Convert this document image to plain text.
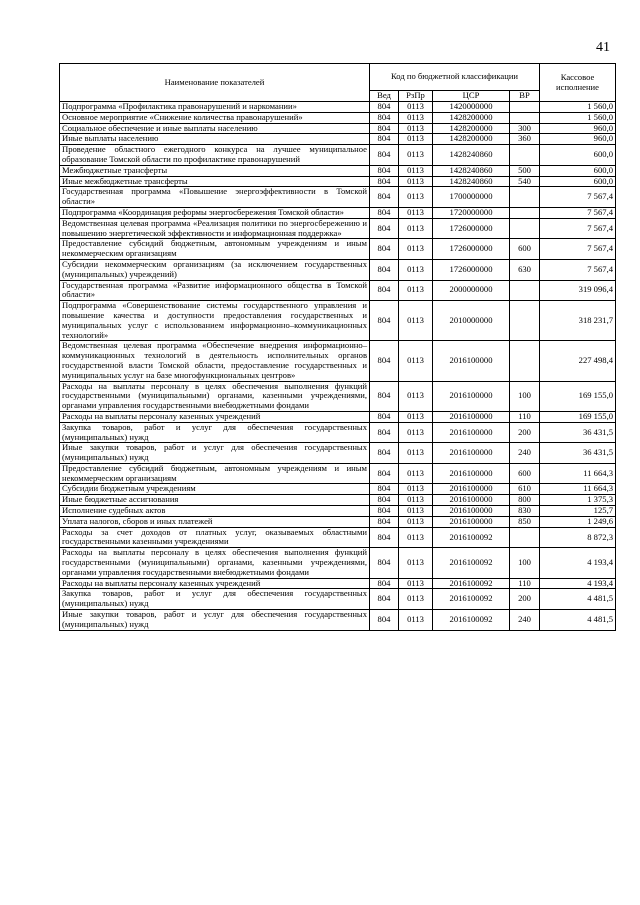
41
Наименование показателей	Код по бюджетной классификации				Кассовое исполнение
	Вед	РзПр	ЦСР	ВР	
Подпрограмма «Профилактика правонарушений и наркомании»	804	0113	1420000000		1 560,0
Основное мероприятие «Снижение количества правонарушений»	804	0113	1428200000		1 560,0
Социальное обеспечение и иные выплаты населению	804	0113	1428200000	300	960,0
Иные выплаты населению	804	0113	1428200000	360	960,0
Проведение областного ежегодного конкурса на лучшее муниципальное образование Томской области по профилактике правонарушений	804	0113	1428240860		600,0
Межбюджетные трансферты	804	0113	1428240860	500	600,0
Иные межбюджетные трансферты	804	0113	1428240860	540	600,0
Государственная программа «Повышение энергоэффективности в Томской области»	804	0113	1700000000		7 567,4
Подпрограмма «Координация реформы энергосбережения Томской области»	804	0113	1720000000		7 567,4
Ведомственная целевая программа «Реализация политики по энергосбережению и повышению энергетической эффективности и информационная поддержка»	804	0113	1726000000		7 567,4
Предоставление субсидий бюджетным, автономным учреждениям и иным некоммерческим организациям	804	0113	1726000000	600	7 567,4
Субсидии некоммерческим организациям (за исключением государственных (муниципальных) учреждений)	804	0113	1726000000	630	7 567,4
Государственная программа «Развитие информационного общества в Томской области»	804	0113	2000000000		319 096,4
Подпрограмма «Совершенствование системы государственного управления и повышение качества и доступности предоставления государственных и муниципальных услуг с использованием информационно–коммуникационных технологий»	804	0113	2010000000		318 231,7
Ведомственная целевая программа «Обеспечение внедрения информационно–коммуникационных технологий в деятельность исполнительных органов государственной власти Томской области, предоставление государственных и муниципальных услуг на базе многофункциональных центров»	804	0113	2016100000		227 498,4
Расходы на выплаты персоналу в целях обеспечения выполнения функций государственными (муниципальными) органами, казенными учреждениями, органами управления государственными внебюджетными фондами	804	0113	2016100000	100	169 155,0
Расходы на выплаты персоналу казенных учреждений	804	0113	2016100000	110	169 155,0
Закупка товаров, работ и услуг для обеспечения государственных (муниципальных) нужд	804	0113	2016100000	200	36 431,5
Иные закупки товаров, работ и услуг для обеспечения государственных (муниципальных) нужд	804	0113	2016100000	240	36 431,5
Предоставление субсидий бюджетным, автономным учреждениям и иным некоммерческим организациям	804	0113	2016100000	600	11 664,3
Субсидии бюджетным учреждениям	804	0113	2016100000	610	11 664,3
Иные бюджетные ассигнования	804	0113	2016100000	800	1 375,3
Исполнение судебных актов	804	0113	2016100000	830	125,7
Уплата налогов, сборов и иных платежей	804	0113	2016100000	850	1 249,6
Расходы за счет доходов от платных услуг, оказываемых областными государственными казенными учреждениями	804	0113	2016100092		8 872,3
Расходы на выплаты персоналу в целях обеспечения выполнения функций государственными (муниципальными) органами, казенными учреждениями, органами управления государственными внебюджетными фондами	804	0113	2016100092	100	4 193,4
Расходы на выплаты персоналу казенных учреждений	804	0113	2016100092	110	4 193,4
Закупка товаров, работ и услуг для обеспечения государственных (муниципальных) нужд	804	0113	2016100092	200	4 481,5
Иные закупки товаров, работ и услуг для обеспечения государственных (муниципальных) нужд	804	0113	2016100092	240	4 481,5
